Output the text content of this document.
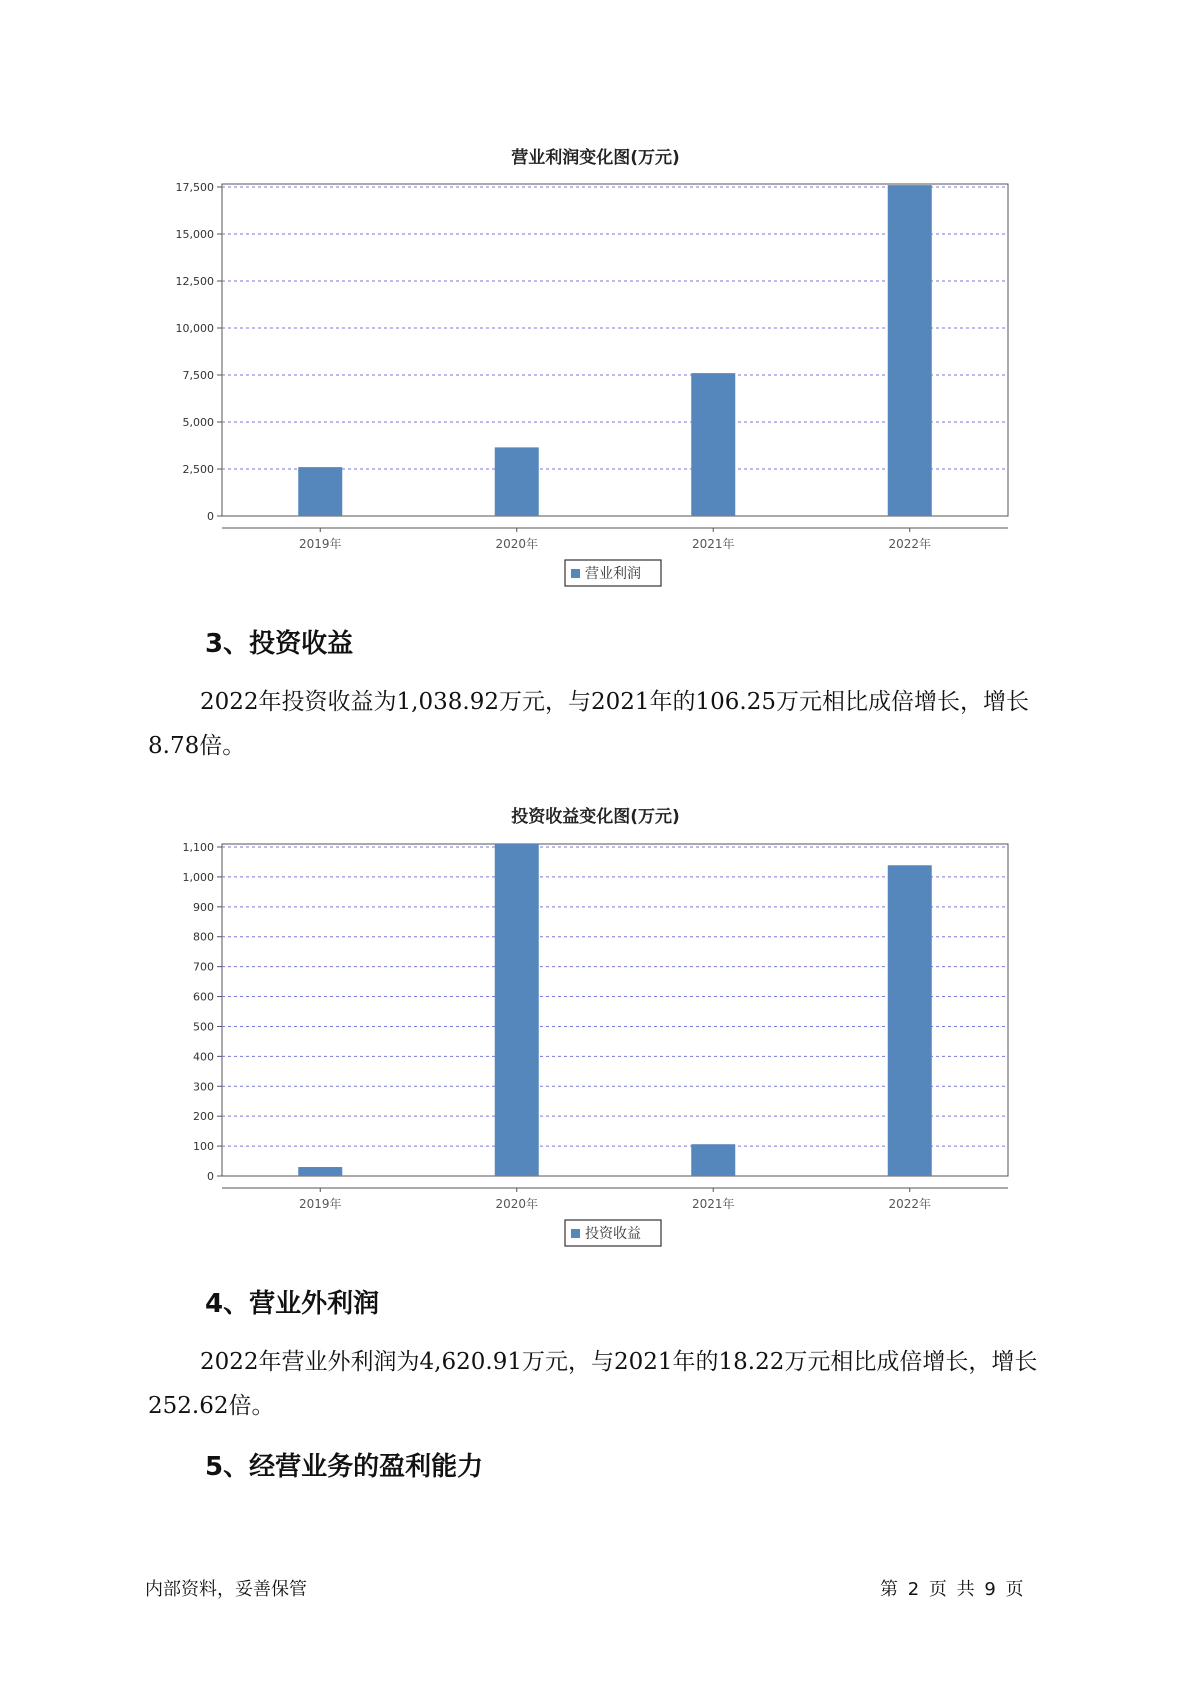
营业利润变化图(万元)
0
2,500
5,000
7,500
10,000
12,500
15,000
17,500
2019年	2020年	2021年	2022年
营业利润
3、投资收益
2022年投资收益为1,038.92万元，与2021年的106.25万元相比成倍增长，增长8.78倍。
投资收益变化图(万元)
0
100
200
300
400
500
600
700
800
900
1,000
1,100
2019年	2020年	2021年	2022年
投资收益
4、营业外利润
2022年营业外利润为4,620.91万元，与2021年的18.22万元相比成倍增长，增长252.62倍。
5、经营业务的盈利能力
内部资料，妥善保管	第 2 页 共 9 页
